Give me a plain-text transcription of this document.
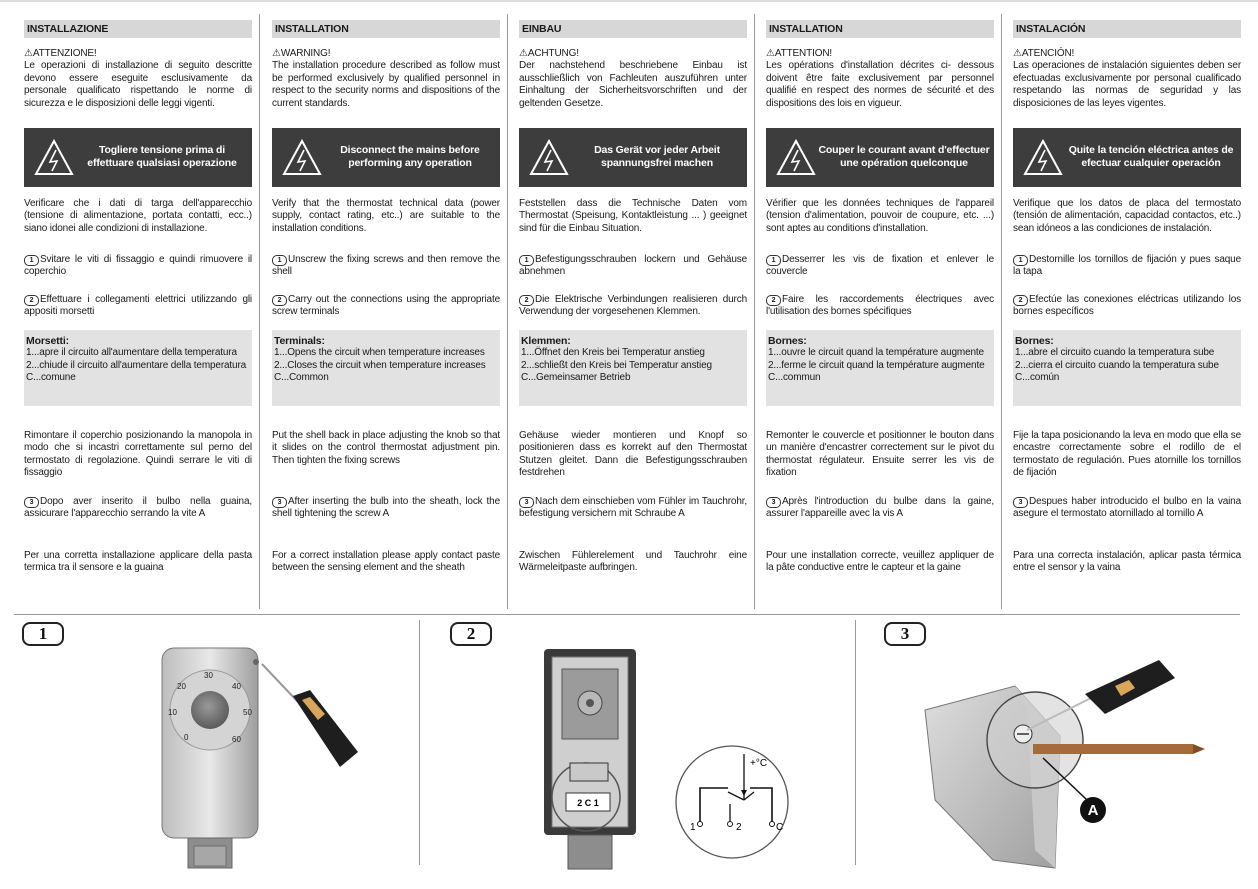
INSTALLAZIONE
⚠ATTENZIONE!
Le operazioni di installazione di seguito descritte devono essere eseguite esclusivamente da personale qualificato rispettando le norme di sicurezza e le disposizioni delle leggi vigenti.
Togliere tensione prima di effettuare qualsiasi operazione
Verificare che i dati di targa dell'apparecchio (tensione di alimentazione, portata contatti, ecc..) siano idonei alle condizioni di installazione.
1 Svitare le viti di fissaggio e quindi rimuovere il coperchio
2 Effettuare i collegamenti elettrici utilizzando gli appositi morsetti
Morsetti:
1...apre il circuito all'aumentare della temperatura
2...chiude il circuito all'aumentare della temperatura
C...comune
Rimontare il coperchio posizionando la manopola in modo che si incastri correttamente sul perno del termostato di regolazione. Quindi serrare le viti di fissaggio
3 Dopo aver inserito il bulbo nella guaina, assicurare l'apparecchio serrando la vite A
Per una corretta installazione applicare della pasta termica tra il sensore e la guaina
INSTALLATION
⚠WARNING!
The installation procedure described as follow must be performed exclusively by qualified personnel in respect to the security norms and dispositions of the current standards.
Disconnect the mains before performing any operation
Verify that the thermostat technical data (power supply, contact rating, etc..) are suitable to the installation conditions.
1 Unscrew the fixing screws and then remove the shell
2 Carry out the connections using the appropriate screw terminals
Terminals:
1...Opens the circuit when temperature increases
2...Closes the circuit when temperature increases
C...Common
Put the shell back in place adjusting the knob so that it slides on the control thermostat adjustment pin. Then tighten the fixing screws
3 After inserting the bulb into the sheath, lock the shell tightening the screw A
For a correct installation please apply contact paste between the sensing element and the sheath
EINBAU
⚠ACHTUNG!
Der nachstehend beschriebene Einbau ist ausschließlich von Fachleuten auszuführen unter Einhaltung der Sicherheitsvorschriften und der geltenden Gesetze.
Das Gerät vor jeder Arbeit spannungsfrei machen
Feststellen dass die Technische Daten vom Thermostat (Speisung, Kontaktleistung ... ) geeignet sind für die Einbau Situation.
1 Befestigungsschrauben lockern und Gehäuse abnehmen
2 Die Elektrische Verbindungen realisieren durch Verwendung der vorgesehenen Klemmen.
Klemmen:
1...Öffnet den Kreis bei Temperatur anstieg
2...schließt den Kreis bei Temperatur anstieg
C...Gemeinsamer Betrieb
Gehäuse wieder montieren und Knopf so positionieren dass es korrekt auf den Thermostat Stutzen gleitet. Dann die Befestigungsschrauben festdrehen
3 Nach dem einschieben vom Fühler im Tauchrohr, befestigung versichern mit Schraube A
Zwischen Fühlerelement und Tauchrohr eine Wärmeleitpaste aufbringen.
INSTALLATION
⚠ATTENTION!
Les opérations d'installation décrites ci- dessous doivent être faite exclusivement par personnel qualifié en respect des normes de sécurité et des dispositions des lois en vigueur.
Couper le courant avant d'effectuer une opération quelconque
Vérifier que les données techniques de l'appareil (tension d'alimentation, pouvoir de coupure, etc. ...) sont aptes au conditions d'installation.
1 Desserrer les vis de fixation et enlever le couvercle
2 Faire les raccordements électriques avec l'utilisation des bornes spécifiques
Bornes:
1...ouvre le circuit quand la température augmente
2...ferme le circuit quand la température augmente
C...commun
Remonter le couvercle et positionner le bouton dans un manière d'encastrer correctement sur le pivot du thermostat régulateur. Ensuite serrer les vis de fixation
3 Après l'introduction du bulbe dans la gaine, assurer l'appareille avec la vis A
Pour une installation correcte, veuillez appliquer de la pâte conductive entre le capteur et la gaine
INSTALACIÓN
⚠ATENCIÓN!
Las operaciones de instalación siguientes deben ser efectuadas exclusivamente por personal cualificado respetando las normas de seguridad y las disposiciones de las leyes vigentes.
Quite la tención eléctrica antes de efectuar cualquier operación
Verifique que los datos de placa del termostato (tensión de alimentación, capacidad contactos, etc..) sean idóneos a las condiciones de instalación.
1 Destornille los tornillos de fijación y pues saque la tapa
2 Efectúe las conexiones eléctricas utilizando los bornes específicos
Bornes:
1...abre el circuito cuando la temperatura sube
2...cierra el circuito cuando la temperatura sube
C...común
Fije la tapa posicionando la leva en modo que ella se encastre correctamente sobre el rodillo de el termostato de regulación. Pues atornille los tornillos de fijación
3 Despues haber introducido el bulbo en la vaina asegure el termostato atornillado al tornillo A
Para una correcta instalación, aplicar pasta térmica entre el sensor y la vaina
1	2	3
20
30
40
10	50
0	60
2 C 1
+°C
1	2	C
A
